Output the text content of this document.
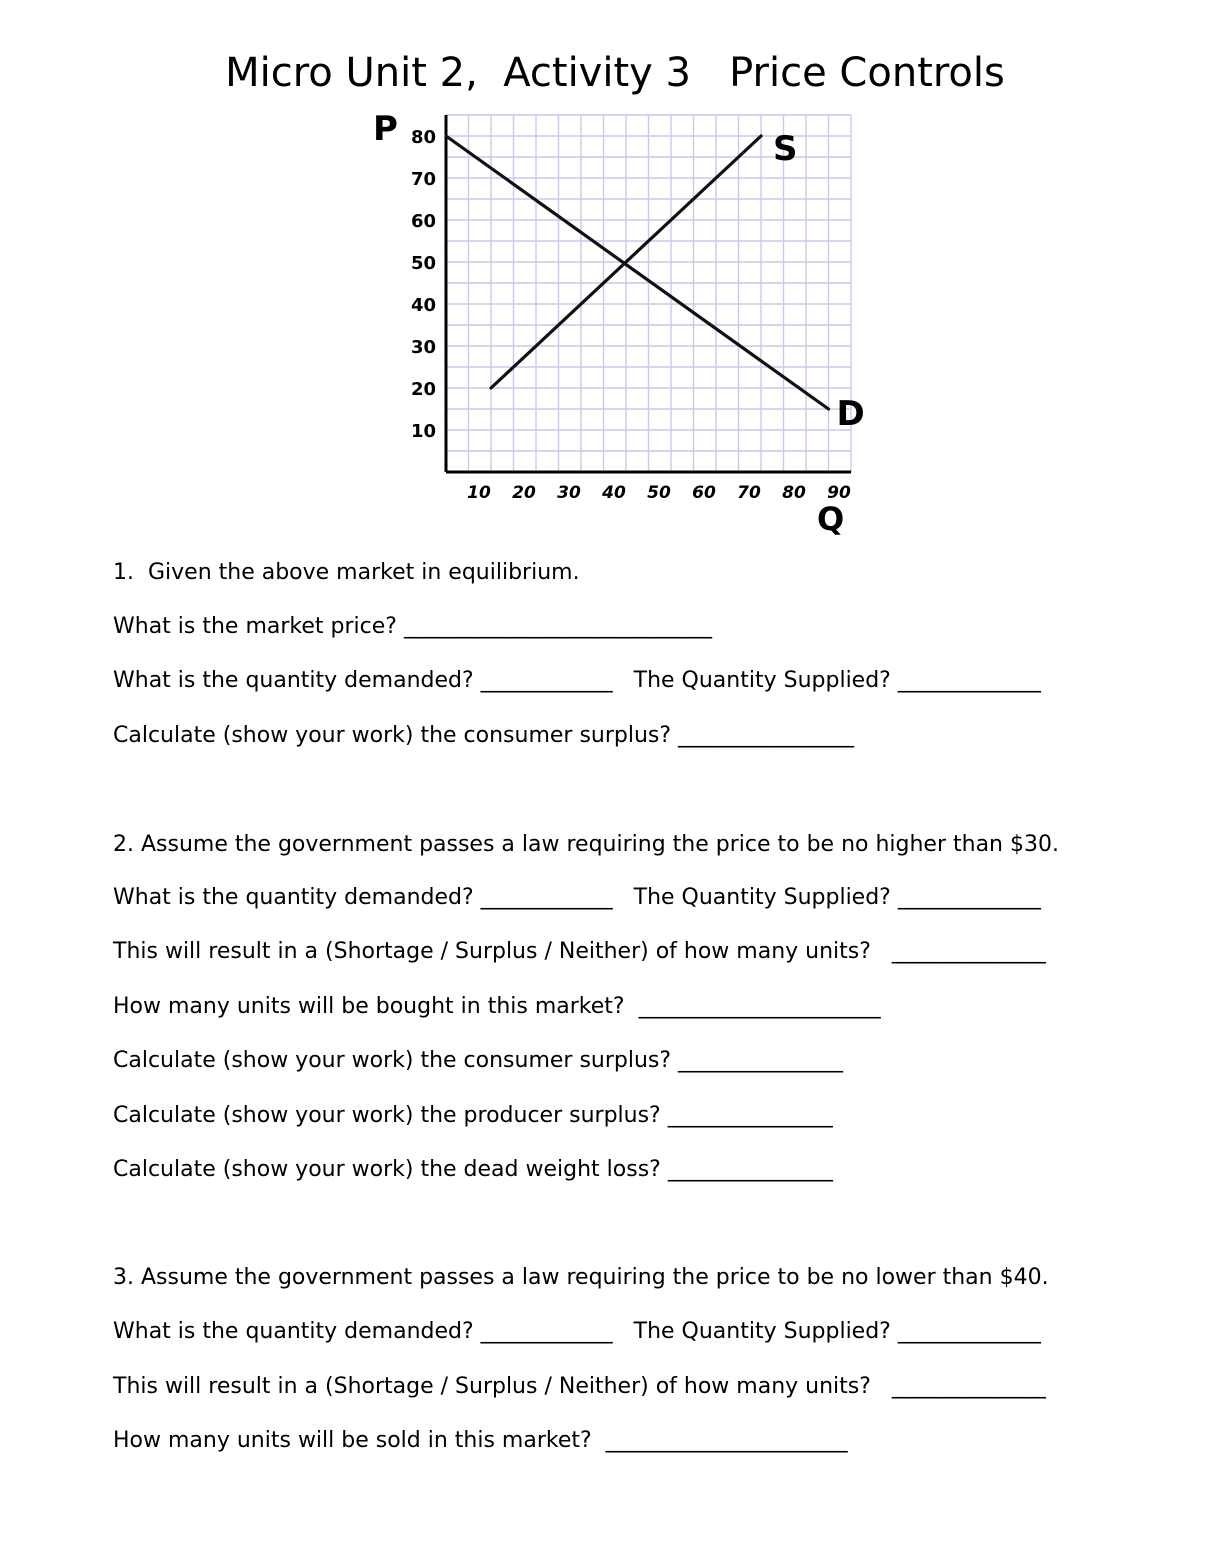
Micro Unit 2,  Activity 3   Price Controls
80
70
60
50
40
30
20
10
10 20 30 40 50 60 70 80 90
S
D
P
Q
1.  Given the above market in equilibrium.
What is the market price? ____________________________
What is the quantity demanded? ____________   The Quantity Supplied? _____________
Calculate (show your work) the consumer surplus? ________________
2. Assume the government passes a law requiring the price to be no higher than $30.
What is the quantity demanded? ____________   The Quantity Supplied? _____________
This will result in a (Shortage / Surplus / Neither) of how many units?   ______________
How many units will be bought in this market?  ______________________
Calculate (show your work) the consumer surplus? _______________
Calculate (show your work) the producer surplus? _______________
Calculate (show your work) the dead weight loss? _______________
3. Assume the government passes a law requiring the price to be no lower than $40.
What is the quantity demanded? ____________   The Quantity Supplied? _____________
This will result in a (Shortage / Surplus / Neither) of how many units?   ______________
How many units will be sold in this market?  ______________________
